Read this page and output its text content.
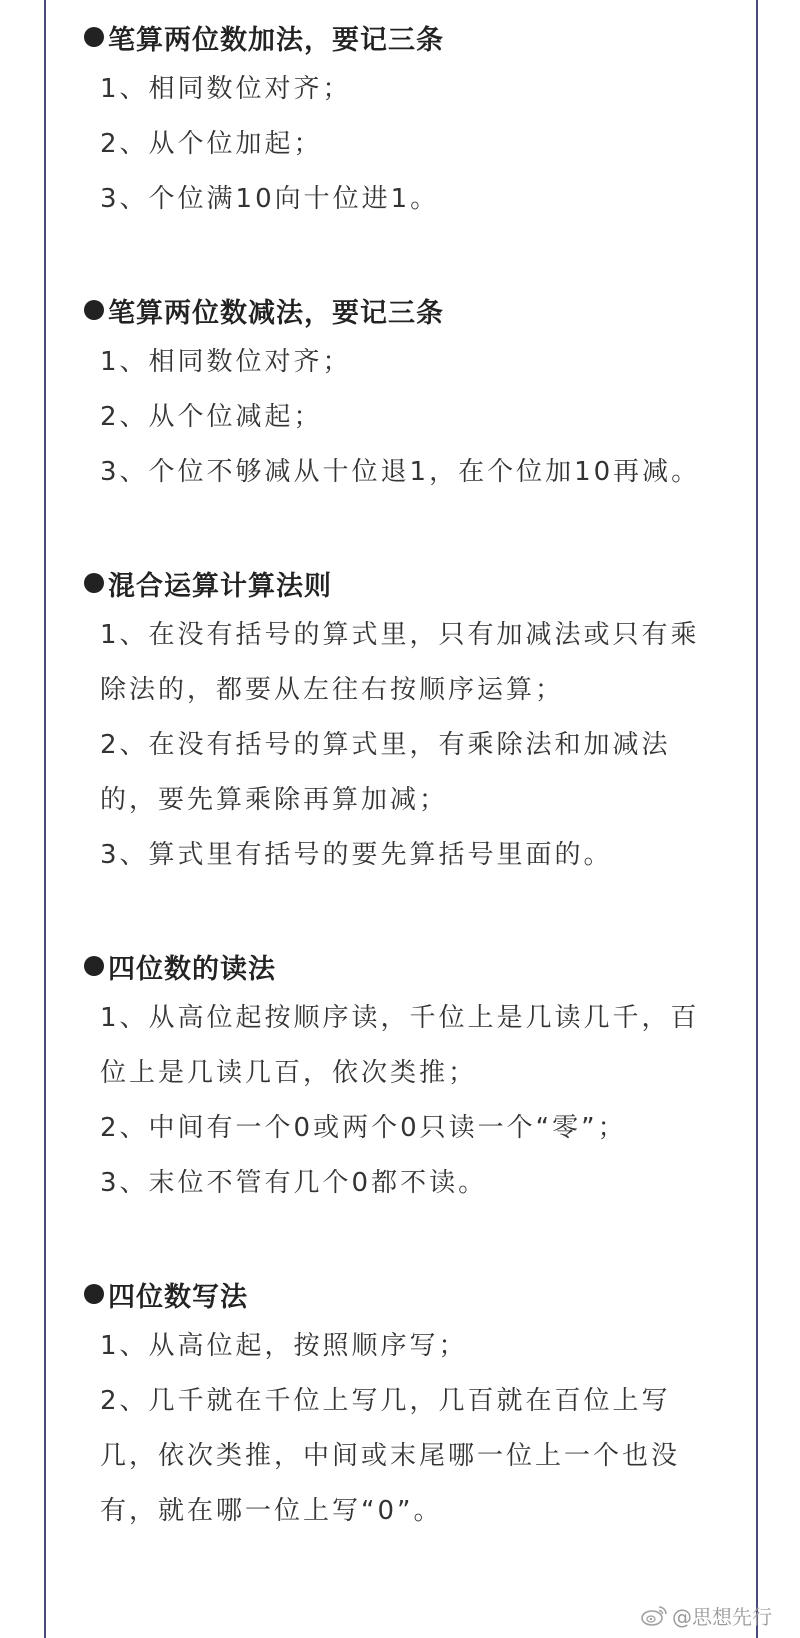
笔算两位数加法，要记三条
1、相同数位对齐；
2、从个位加起；
3、个位满10向十位进1。
笔算两位数减法，要记三条
1、相同数位对齐；
2、从个位减起；
3、个位不够减从十位退1，在个位加10再减。
混合运算计算法则
1、在没有括号的算式里，只有加减法或只有乘除法的，都要从左往右按顺序运算；
2、在没有括号的算式里，有乘除法和加减法的，要先算乘除再算加减；
3、算式里有括号的要先算括号里面的。
四位数的读法
1、从高位起按顺序读，千位上是几读几千，百位上是几读几百，依次类推；
2、中间有一个0或两个0只读一个“零”；
3、末位不管有几个0都不读。
四位数写法
1、从高位起，按照顺序写；
2、几千就在千位上写几，几百就在百位上写几，依次类推，中间或末尾哪一位上一个也没有，就在哪一位上写“0”。
@思想先行
